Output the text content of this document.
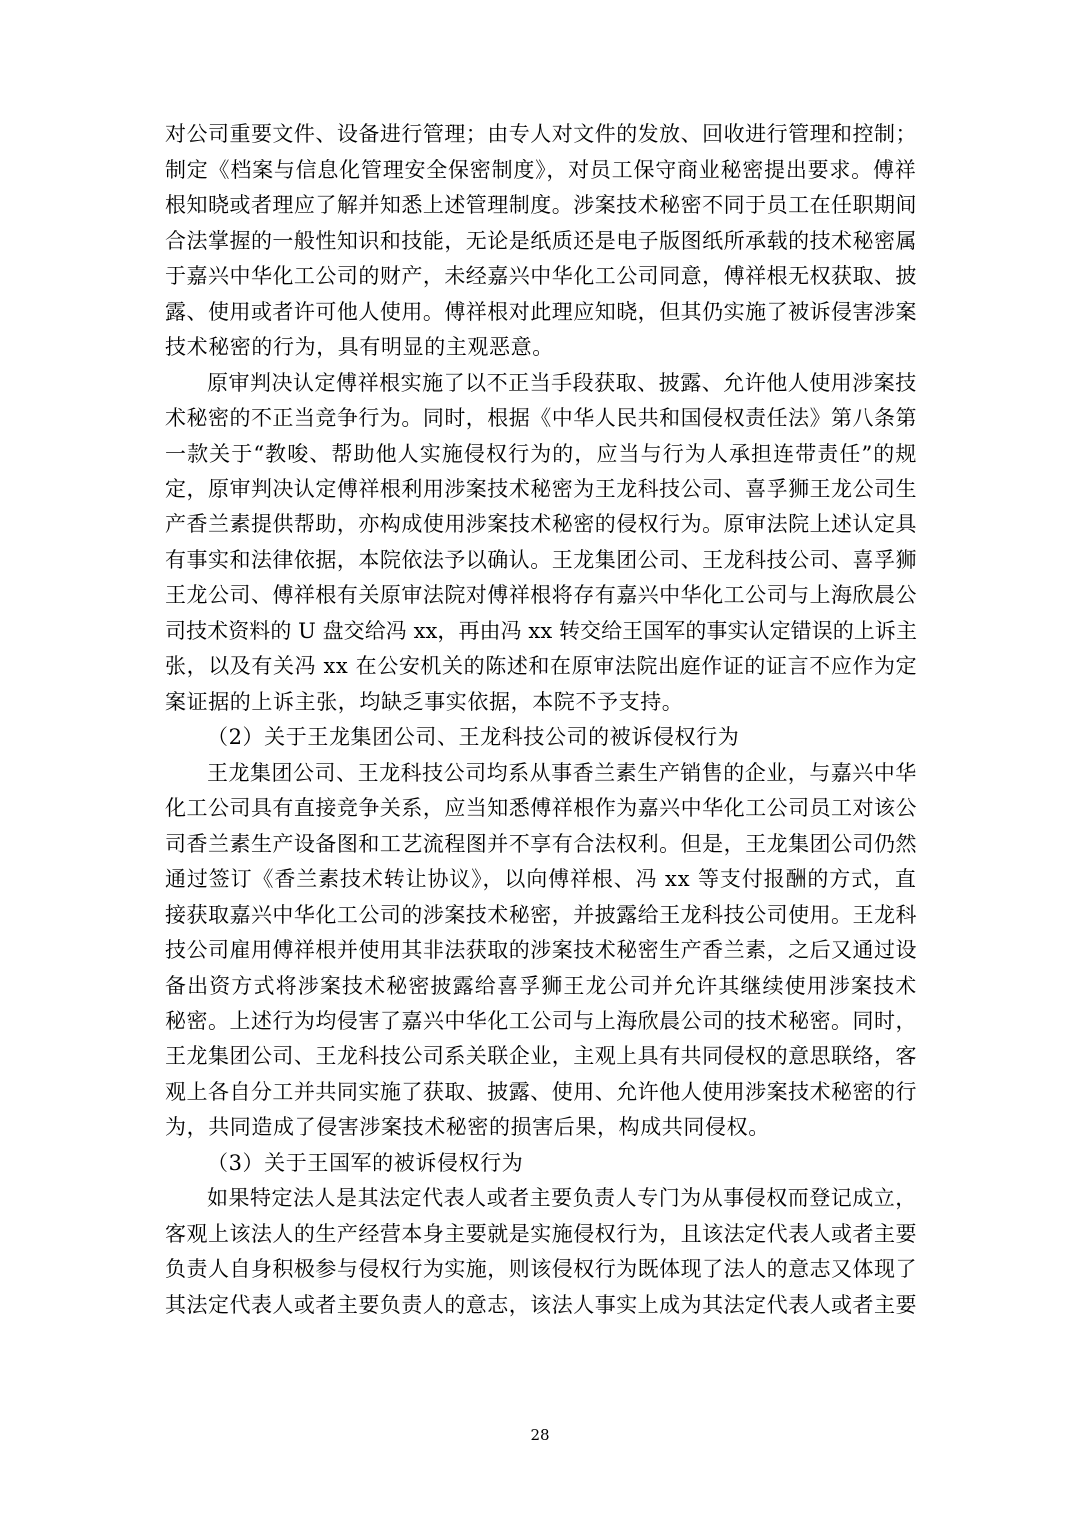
对公司重要文件、设备进行管理；由专人对文件的发放、回收进行管理和控制；
制定《档案与信息化管理安全保密制度》，对员工保守商业秘密提出要求。傅祥
根知晓或者理应了解并知悉上述管理制度。涉案技术秘密不同于员工在任职期间
合法掌握的一般性知识和技能，无论是纸质还是电子版图纸所承载的技术秘密属
于嘉兴中华化工公司的财产，未经嘉兴中华化工公司同意，傅祥根无权获取、披
露、使用或者许可他人使用。傅祥根对此理应知晓，但其仍实施了被诉侵害涉案
技术秘密的行为，具有明显的主观恶意。
原审判决认定傅祥根实施了以不正当手段获取、披露、允许他人使用涉案技
术秘密的不正当竞争行为。同时，根据《中华人民共和国侵权责任法》第八条第
一款关于“教唆、帮助他人实施侵权行为的，应当与行为人承担连带责任”的规
定，原审判决认定傅祥根利用涉案技术秘密为王龙科技公司、喜孚狮王龙公司生
产香兰素提供帮助，亦构成使用涉案技术秘密的侵权行为。原审法院上述认定具
有事实和法律依据，本院依法予以确认。王龙集团公司、王龙科技公司、喜孚狮
王龙公司、傅祥根有关原审法院对傅祥根将存有嘉兴中华化工公司与上海欣晨公
司技术资料的 U 盘交给冯 xx，再由冯 xx 转交给王国军的事实认定错误的上诉主
张，以及有关冯 xx 在公安机关的陈述和在原审法院出庭作证的证言不应作为定
案证据的上诉主张，均缺乏事实依据，本院不予支持。
（2）关于王龙集团公司、王龙科技公司的被诉侵权行为
王龙集团公司、王龙科技公司均系从事香兰素生产销售的企业，与嘉兴中华
化工公司具有直接竞争关系，应当知悉傅祥根作为嘉兴中华化工公司员工对该公
司香兰素生产设备图和工艺流程图并不享有合法权利。但是，王龙集团公司仍然
通过签订《香兰素技术转让协议》，以向傅祥根、冯 xx 等支付报酬的方式，直
接获取嘉兴中华化工公司的涉案技术秘密，并披露给王龙科技公司使用。王龙科
技公司雇用傅祥根并使用其非法获取的涉案技术秘密生产香兰素，之后又通过设
备出资方式将涉案技术秘密披露给喜孚狮王龙公司并允许其继续使用涉案技术
秘密。上述行为均侵害了嘉兴中华化工公司与上海欣晨公司的技术秘密。同时，
王龙集团公司、王龙科技公司系关联企业，主观上具有共同侵权的意思联络，客
观上各自分工并共同实施了获取、披露、使用、允许他人使用涉案技术秘密的行
为，共同造成了侵害涉案技术秘密的损害后果，构成共同侵权。
（3）关于王国军的被诉侵权行为
如果特定法人是其法定代表人或者主要负责人专门为从事侵权而登记成立，
客观上该法人的生产经营本身主要就是实施侵权行为，且该法定代表人或者主要
负责人自身积极参与侵权行为实施，则该侵权行为既体现了法人的意志又体现了
其法定代表人或者主要负责人的意志，该法人事实上成为其法定代表人或者主要
28
